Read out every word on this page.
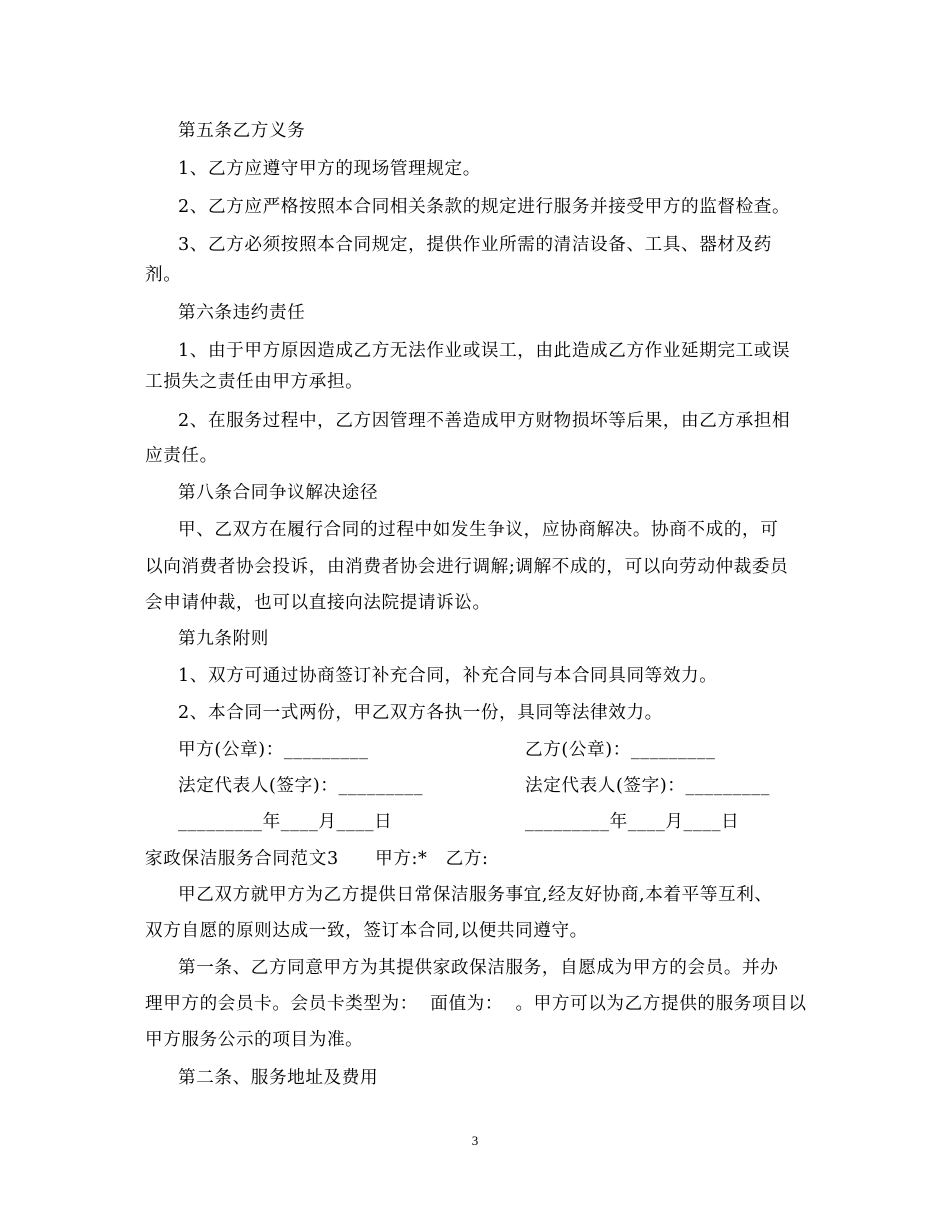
第五条乙方义务
1、乙方应遵守甲方的现场管理规定。
2、乙方应严格按照本合同相关条款的规定进行服务并接受甲方的监督检查。
3、乙方必须按照本合同规定，提供作业所需的清洁设备、工具、器材及药
剂。
第六条违约责任
1、由于甲方原因造成乙方无法作业或误工，由此造成乙方作业延期完工或误
工损失之责任由甲方承担。
2、在服务过程中，乙方因管理不善造成甲方财物损坏等后果，由乙方承担相
应责任。
第八条合同争议解决途径
甲、乙双方在履行合同的过程中如发生争议，应协商解决。协商不成的，可
以向消费者协会投诉，由消费者协会进行调解;调解不成的，可以向劳动仲裁委员
会申请仲裁，也可以直接向法院提请诉讼。
第九条附则
1、双方可通过协商签订补充合同，补充合同与本合同具同等效力。
2、本合同一式两份，甲乙双方各执一份，具同等法律效力。
甲方(公章)：_________	乙方(公章)：_________
法定代表人(签字)：_________	法定代表人(签字)：_________
_________年____月____日	_________年____月____日
家政保洁服务合同范文3　　甲方:*　乙方:
甲乙双方就甲方为乙方提供日常保洁服务事宜,经友好协商,本着平等互利、
双方自愿的原则达成一致，签订本合同,以便共同遵守。
第一条、乙方同意甲方为其提供家政保洁服务，自愿成为甲方的会员。并办
理甲方的会员卡。会员卡类型为：  面值为：  。甲方可以为乙方提供的服务项目以
甲方服务公示的项目为准。
第二条、服务地址及费用
3
